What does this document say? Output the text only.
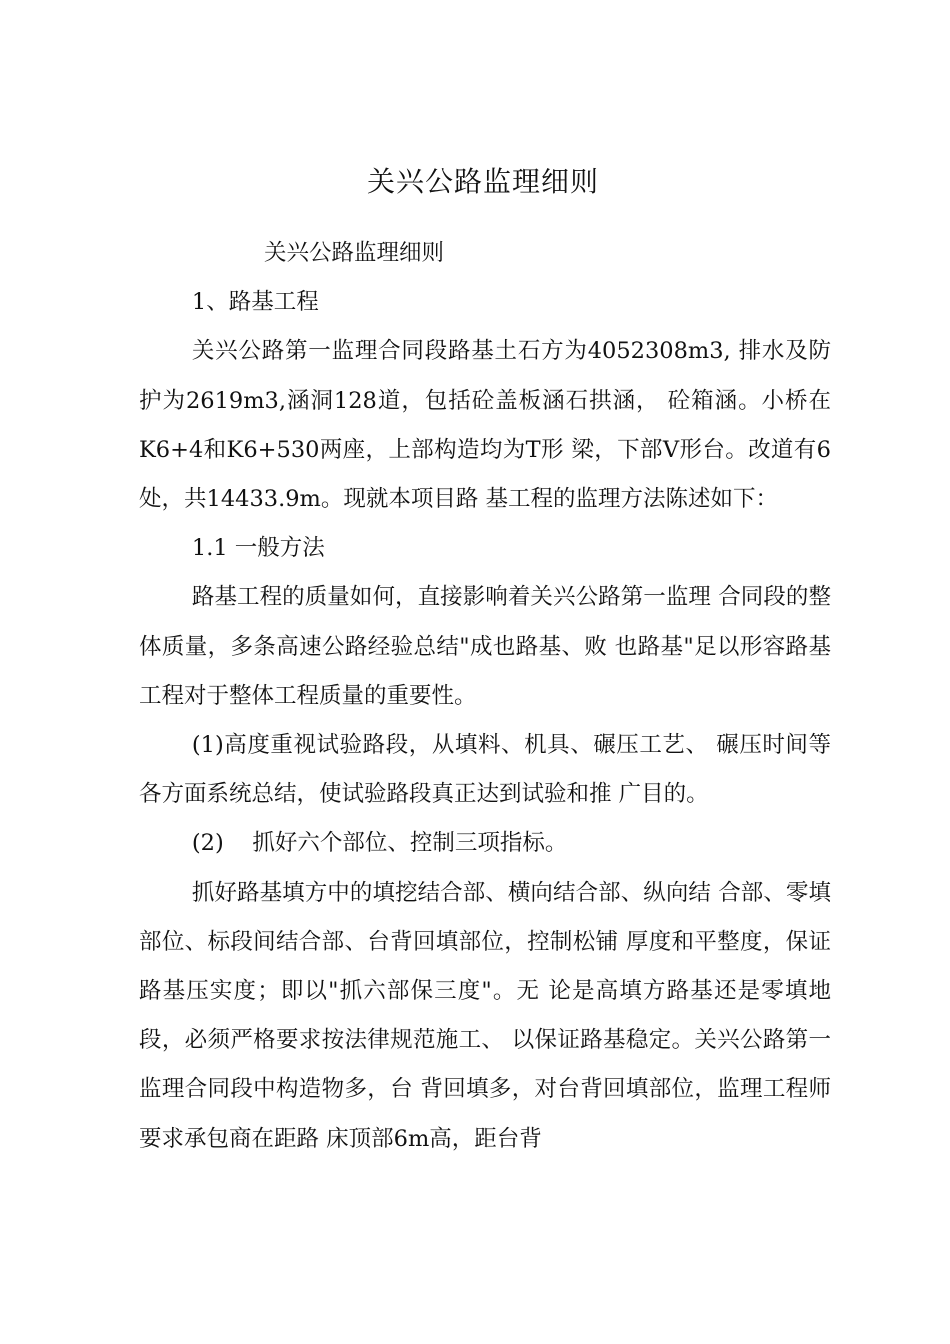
关兴公路监理细则

关兴公路监理细则

1、路基工程

关兴公路第一监理合同段路基土石方为4052308m3, 排水及防护为2619m3,涵洞128道，包括砼盖板涵石拱涵， 砼箱涵。小桥在K6+4和K6+530两座，上部构造均为T形 梁，下部V形台。改道有6处，共14433.9m。现就本项目路 基工程的监理方法陈述如下：

1.1 一般方法

路基工程的质量如何，直接影响着关兴公路第一监理 合同段的整体质量，多条高速公路经验总结"成也路基、败 也路基"足以形容路基工程对于整体工程质量的重要性。

(1)高度重视试验路段，从填料、机具、碾压工艺、 碾压时间等各方面系统总结，使试验路段真正达到试验和推 广目的。

(2)    抓好六个部位、控制三项指标。

抓好路基填方中的填挖结合部、横向结合部、纵向结 合部、零填部位、标段间结合部、台背回填部位，控制松铺 厚度和平整度，保证路基压实度；即以"抓六部保三度"。无 论是高填方路基还是零填地段，必须严格要求按法律规范施工、 以保证路基稳定。关兴公路第一监理合同段中构造物多，台 背回填多，对台背回填部位，监理工程师要求承包商在距路 床顶部6m高，距台背
